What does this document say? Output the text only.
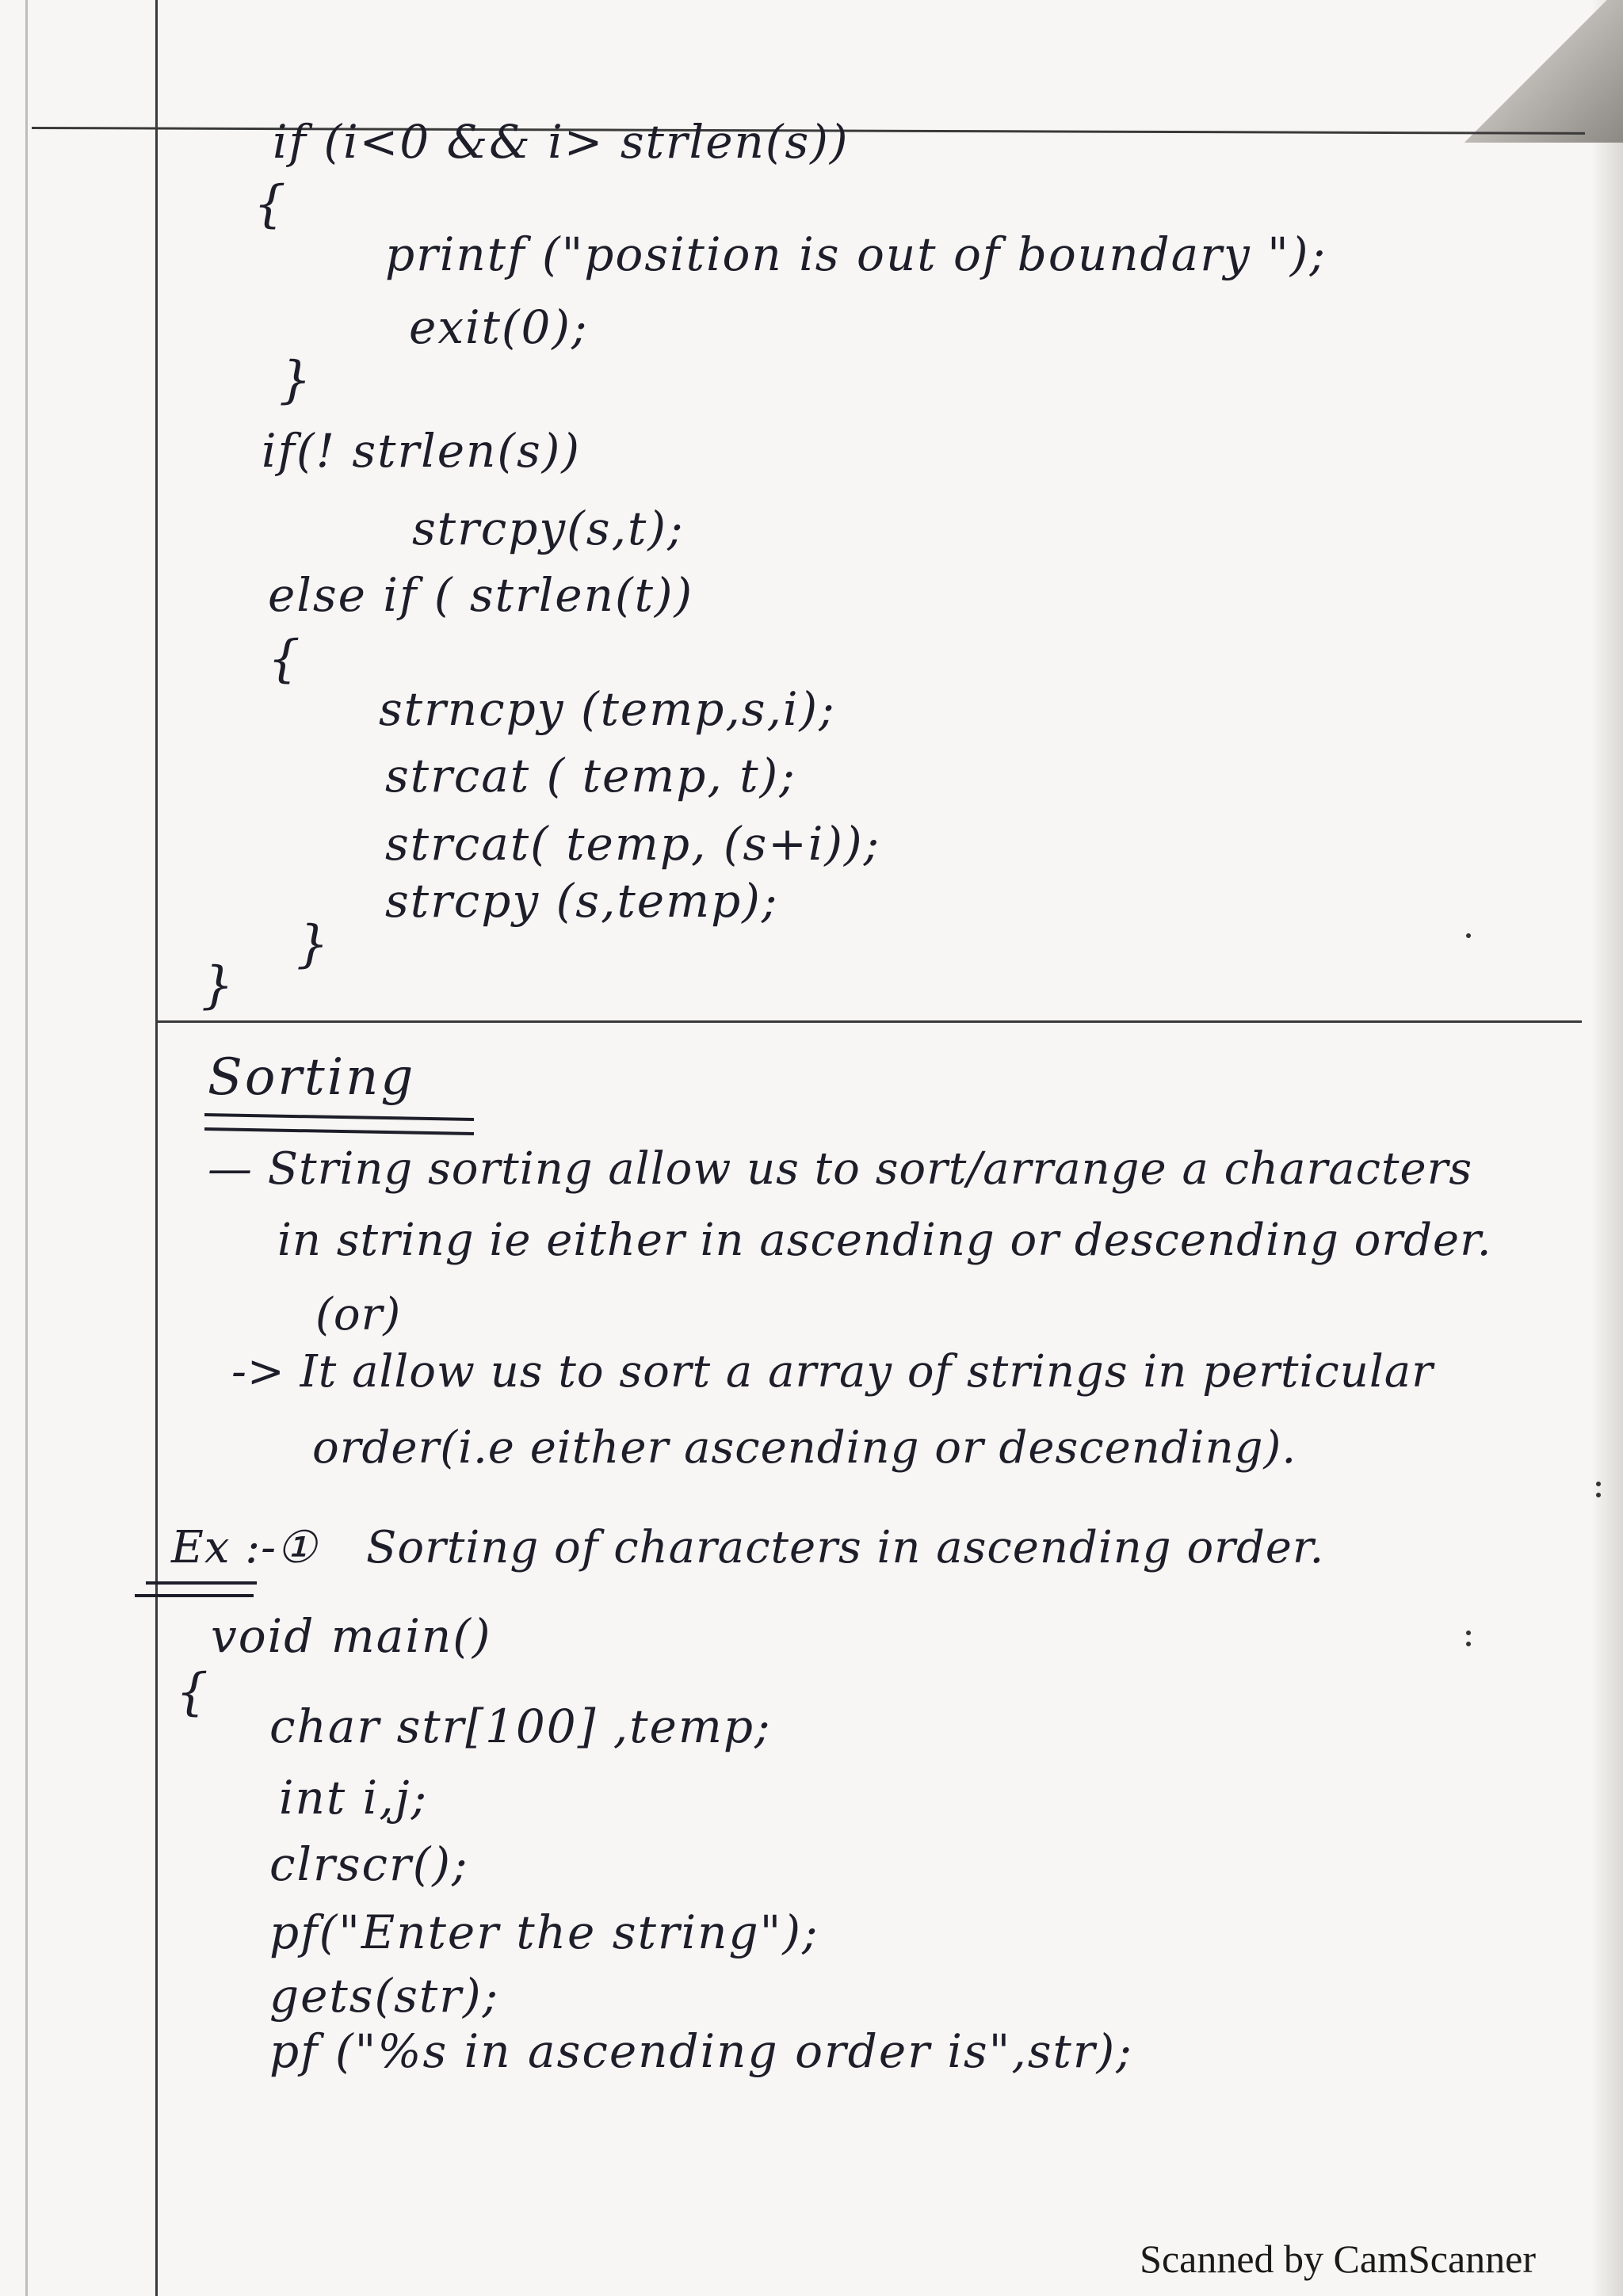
if (i<0 && i> strlen(s))
{
printf ("position is out of boundary ");
exit(0);
}
if(! strlen(s))
strcpy(s,t);
else if ( strlen(t))
{
strncpy (temp,s,i);
strcat ( temp, t);
strcat( temp, (s+i));
strcpy (s,temp);
}
}
Sorting
— String sorting allow us to sort/arrange a characters
in string ie either in ascending or descending order.
(or)
-> It allow us to sort a array of strings in perticular
order(i.e either ascending or descending).
Ex :-① Sorting of characters in ascending order.
void main()
{
char str[100] ,temp;
int i,j;
clrscr();
pf("Enter the string");
gets(str);
pf ("%s in ascending order is",str);
Scanned by CamScanner
